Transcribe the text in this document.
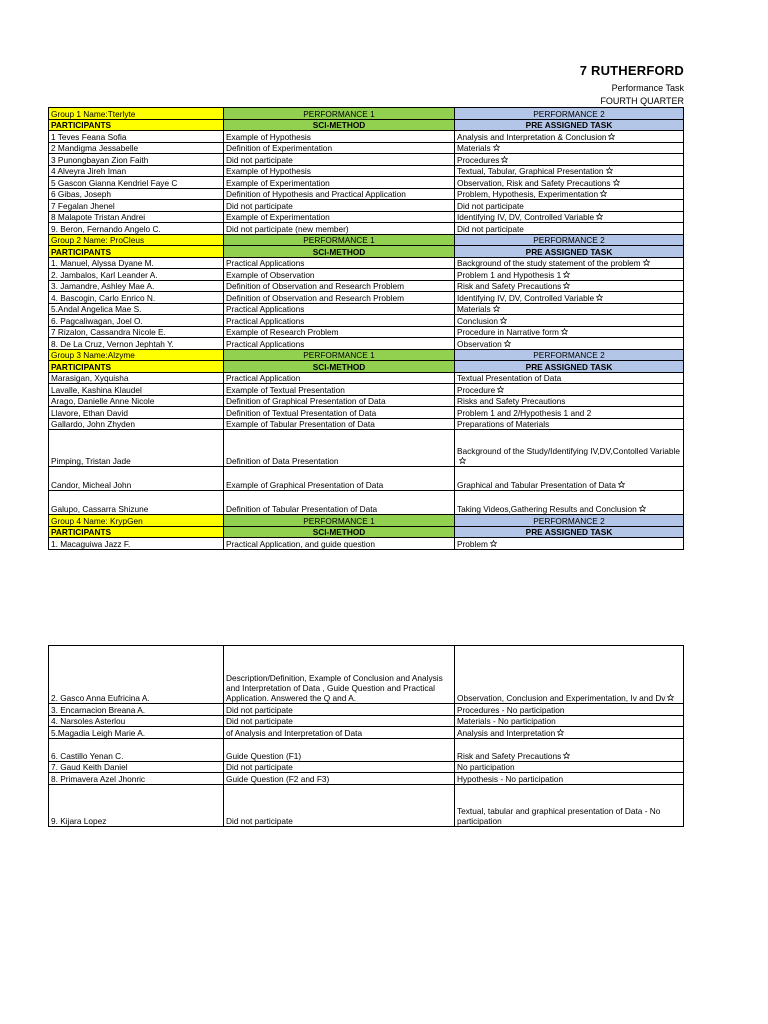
7 RUTHERFORD
Performance Task
FOURTH QUARTER
Group 1 Name:Tterlyte	PERFORMANCE 1	PERFORMANCE 2
PARTICIPANTS	SCI-METHOD	PRE ASSIGNED TASK
1 Teves Feana Sofia	Example of Hypothesis	Analysis and Interpretation & Conclusion
2 Mandigma Jessabelle	Definition of Experimentation	Materials
3 Punongbayan Zion Faith	Did not participate	Procedures
4 Alveyra Jireh Iman	Example of Hypothesis	Textual, Tabular, Graphical Presentation
5 Gascon Gianna Kendriel Faye C	Example of Experimentation	Observation, Risk and Safety Precautions
6 Gibas, Joseph	Definition of Hypothesis and Practical Application	Problem, Hypothesis, Experimentation
7 Fegalan Jhenel	Did not participate	Did not participate
8 Malapote Tristan Andrei	Example of Experimentation	Identifying IV, DV, Controlled Variable
9. Beron, Fernando Angelo C.	Did not participate (new member)	Did not participate
Group 2 Name: ProCleus	PERFORMANCE 1	PERFORMANCE 2
PARTICIPANTS	SCI-METHOD	PRE ASSIGNED TASK
1. Manuel, Alyssa Dyane M.	Practical Applications	Background of the study statement of the problem
2. Jambalos, Karl Leander A.	Example of Observation	Problem 1 and Hypothesis 1
3. Jamandre, Ashley Mae A.	Definition of Observation and Research Problem	Risk and Safety Precautions
4. Bascogin, Carlo Enrico N.	Definition of Observation and Research Problem	Identifying IV, DV, Controlled Variable
5.Andal Angelica Mae S.	Practical Applications	Materials
6. Pagcaliwagan, Joel O.	Practical Applications	Conclusion
7 Rizalon, Cassandra Nicole E.	Example of Research Problem	Procedure in Narrative form
8. De La Cruz, Vernon Jephtah Y.	Practical Applications	Observation
Group 3 Name:Alzyme	PERFORMANCE 1	PERFORMANCE 2
PARTICIPANTS	SCI-METHOD	PRE ASSIGNED TASK
Marasigan, Xyquisha	Practical Application	Textual Presentation of Data
Lavalle, Kashina Klaudel	Example of Textual Presentation	Procedure
Arago, Danielle Anne Nicole	Definition of Graphical Presentation of Data	Risks and Safety Precautions
Llavore, Ethan David	Definition of Textual Presentation of Data	Problem 1 and 2/Hypothesis 1 and 2
Gallardo, John Zhyden	Example of Tabular Presentation of Data	Preparations of Materials
Pimping, Tristan Jade	Definition of Data Presentation	Background of the Study/Identifying IV,DV,Contolled Variable
Candor, Micheal John	Example of Graphical Presentation of Data	Graphical and Tabular Presentation of Data
Galupo, Cassarra Shizune	Definition of Tabular Presentation of Data	Taking Videos,Gathering Results and Conclusion
Group 4 Name: KrypGen	PERFORMANCE 1	PERFORMANCE 2
PARTICIPANTS	SCI-METHOD	PRE ASSIGNED TASK
1. Macaguiwa Jazz F.	Practical Application, and guide question	Problem
2. Gasco Anna Eufricina A.	Description/Definition, Example of Conclusion and Analysis and Interpretation of Data , Guide Question and Practical Application. Answered the Q and A.	Observation, Conclusion and Experimentation, Iv and Dv
3. Encarnacion Breana A.	Did not participate	Procedures - No participation
4. Narsoles Asterlou	Did not participate	Materials - No participation
5.Magadia Leigh Marie A.	of Analysis and Interpretation of Data	Analysis and Interpretation
6. Castillo Yenan C.	Guide Question (F1)	Risk and Safety Precautions
7. Gaud Keith Daniel	Did not participate	No participation
8. Primavera Azel Jhonric	Guide Question (F2 and F3)	Hypothesis - No participation
9. Kijara Lopez	Did not participate	Textual, tabular and graphical presentation of Data - No participation
